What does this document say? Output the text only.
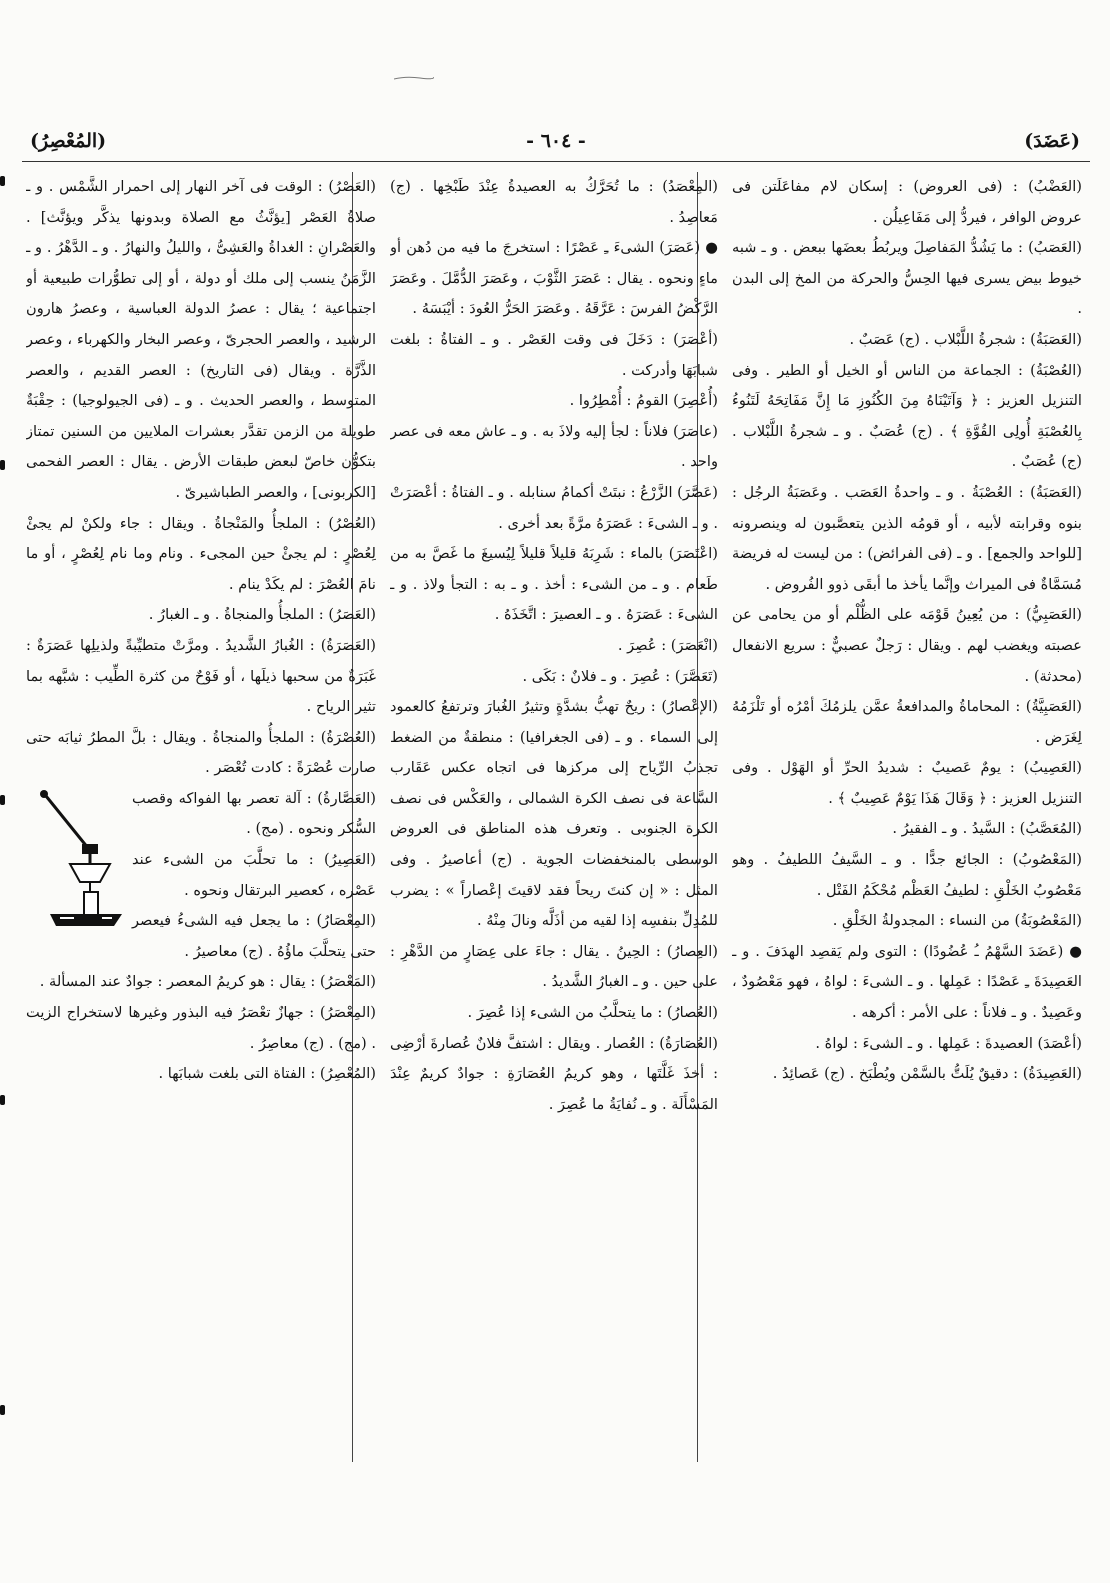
(عَضَدَ)
- ٦٠٤ -
(المُعْصِرُ)

(العَضْبُ) : (فى العروض) : إسكان لام مفاعَلَتن فى عروض الوافر ، فيردُّ إلى مَفَاعِيلُن .

(العَصَبُ) : ما يَشُدُّ المَفاصِلَ ويربُطُ بعضَها ببعض . و ـ شبه خيوط بيض يسرى فيها الحِسُّ والحركة من المخ إلى البدن .

(العَصَبَةُ) : شجرةُ اللَّبْلاب . (ج) عَصَبٌ .

(العُصْبَةُ) : الجماعة من الناس أو الخيل أو الطير . وفى التنزيل العزيز : ﴿ وَآتَيْنَاهُ مِنَ الكُنُوزِ مَا إِنَّ مَفَاتِحَهُ لَتَنُوءُ بِالعُصْبَةِ أُولِى القُوَّةِ ﴾ . (ج) عُصَبٌ . و ـ شجرةُ اللَّبْلاب . (ج) عُصَبٌ .

(العَصَبَةُ) : العُصْبَةُ . و ـ واحدةُ العَصَب . وعَصَبَةُ الرجُل : بنوه وقرابته لأبيه ، أو قومُه الذين يتعصَّبون له وينصرونه [للواحد والجمع] . و ـ (فى الفرائض) : من ليست له فريضة مُسَمَّاةٌ فى الميراث وإنَّما يأخذ ما أبقَى ذوو الفُروض .

(العَصَبِيُّ) : من يُعِينُ قَوْمَه على الظُّلْم أو من يحامى عن عصبته ويغضب لهم . ويقال : رَجلٌ عصبيٌّ : سريع الانفعال (محدثة) .

(العَصَبِيَّةُ) : المحاماةُ والمدافعةُ عمَّن يلزمُكَ أمْرُه أو تَلْزَمُهُ لِغَرَض .

(العَصِيبُ) : يومٌ عَصيبٌ : شديدُ الحرِّ أو الهَوْل . وفى التنزيل العزيز : ﴿ وَقَالَ هَذَا يَوْمٌ عَصِيبٌ ﴾ .

(المُعَصَّبُ) : السَّيدُ . و ـ الفقيرُ .

(المَعْصُوبُ) : الجائع جدًّا . و ـ السَّيفُ اللطيفُ . وهو مَعْصُوبُ الخَلْقِ : لطيفُ العَظْم مُحْكَمُ الفَتْل .

(المَعْصُوبَةُ) من النساء : المجدولةُ الخَلْقِ .

● (عَضَدَ السَّهْمُ ـُ عُضُودًا) : التوى ولم يَقصِد الهدَفَ . و ـ العَصِيدَةَ ـِ عَصْدًا : عَمِلها . و ـ الشىءَ : لواهُ ، فهو مَعْصُودٌ ، وعَصِيدٌ . و ـ فلاناً : على الأمر : أكرهه .

(أعْصَدَ) العصيدةَ : عَمِلها . و ـ الشىءَ : لواهُ .

(العَصِيدَةُ) : دقيقٌ يُلَتُّ بالسَّمْن ويُطْبَخ . (ج) عَصائِدُ .

(المِعْصَدُ) : ما تُحَرَّكُ به العصيدةُ عِنْدَ طَبْخِها . (ج) مَعاصِدُ .

● (عَصَرَ) الشىءَ ـِ عَصْرًا : استخرجَ ما فيه من دُهن أو ماءٍ ونحوه . يقال : عَصَرَ الثَّوْبَ ، وعَصَرَ الدُّمَّلَ . وعَصَرَ الرَّكْضُ الفرسَ : عَرَّقَهُ . وعَصَرَ الحَرُّ العُودَ : أيْبَسَهُ .

(أعْصَرَ) : دَخَلَ فى وقت العَصْر . و ـ الفتاةُ : بلغت شبابَهَا وأدركت .

(أُعْصِرَ) القومُ : أُمْطِرُوا .

(عاصَرَ) فلاناً : لجأ إليه ولاذَ به . و ـ عاش معه فى عصر واحد .

(عَصَّرَ) الزَّرْعُ : نبتَتْ أكمامُ سنابله . و ـ الفتاةُ : أعْصَرَتْ . و ـ الشىءَ : عَصَرَهُ مرَّةً بعد أخرى .

(اعْتَصَرَ) بالماء : شَرِبَهُ قليلاً قليلاً لِيُسيغَ ما غَصَّ به من طَعام . و ـ من الشىء : أخذ . و ـ به : التجأ ولاذ . و ـ الشىءَ : عَصَرَهُ . و ـ العصيرَ : اتَّخَذَهُ .

(انْعَصَرَ) : عُصِرَ .

(تَعَصَّرَ) : عُصِرَ . و ـ فلانٌ : بَكَى .

(الإعْصارُ) : ريحٌ تهبُّ بشدَّةٍ وتثيرُ الغُبارَ وترتفعُ كالعمود إلى السماء . و ـ (فى الجغرافيا) : منطقةٌ من الضغط تجذبُ الرِّياح إلى مركزها فى اتجاه عكس عَقَارب السَّاعة فى نصف الكرة الشمالى ، والعَكْس فى نصف الكرة الجنوبى . وتعرف هذه المناطق فى العروض الوسطى بالمنخفضات الجوية . (ج) أعاصيرُ . وفى المثل : « إن كنتَ ريحاً فقد لاقيتَ إعْصاراً » : يضرب للمُدِلِّ بنفسِه إذا لقيه من أذَلَّه ونالَ مِنْهُ .

(العِصارُ) : الحِينُ . يقال : جاءَ على عِصَارٍ من الدَّهْرِ : على حين . و ـ الغبارُ الشَّديدُ .

(العُصارُ) : ما يتحلَّبُ من الشىء إذا عُصِرَ .

(العُصَارَةُ) : العُصار . ويقال : اشتفَّ فلانٌ عُصارةَ أرْضِى : أخذَ غَلَّتَها ، وهو كريمُ العُصَارَةِ : جوادٌ كريمٌ عِنْدَ المَسْأَلَة . و ـ نُفايَةُ ما عُصِرَ .

(العَصْرُ) : الوقت فى آخر النهار إلى احمرار الشَّمْس . و ـ صلاةُ العَصْر [يؤنَّثُ مع الصلاة وبدونها يذكَّر ويؤنَّث] . والعَصْرانِ : الغداةُ والعَشِىُّ ، والليلُ والنهارُ . و ـ الدَّهْرُ . و ـ الزَّمَنُ ينسب إلى ملك أو دولة ، أو إلى تطوُّرات طبيعية أو اجتماعية ؛ يقال : عصرُ الدولة العباسية ، وعصرُ هارون الرشيد ، والعصر الحجرىّ ، وعصر البخار والكهرباء ، وعصر الذَّرَّة . ويقال (فى التاريخ) : العصر القديم ، والعصر المتوسط ، والعصر الحديث . و ـ (فى الجيولوجيا) : حِقْبَةٌ طويلة من الزمن تقدَّر بعشرات الملايين من السنين تمتاز بتكوُّن خاصّ لبعض طبقات الأرض . يقال : العصر الفحمى [الكربونى] ، والعصر الطباشيرىّ .

(العُصْرُ) : الملجأُ والمَنْجاةُ . ويقال : جاء ولكنْ لم يجئْ لِعُصْرٍ : لم يجئْ حين المجىء . ونام وما نام لِعُصْرٍ ، أو ما نامَ العُصْرَ : لم يكَدْ ينام .

(العَصَرُ) : الملجأُ والمنجاةُ . و ـ الغبارُ .

(العَصَرَةُ) : الغُبارُ الشَّديدُ . ومرَّتْ متطيِّبةً ولذيلِها عَصَرَةٌ : غَبَرَةٌ من سحبها ذيلَها ، أو فَوْحٌ من كثرة الطِّيب : شبَّهه بما تثير الرياح .

(العُصْرَةُ) : الملجأُ والمنجاةُ . ويقال : بلَّ المطرُ ثيابَه حتى صارت عُصْرَةً : كادت تُعْصَر .

(العَصَّارةُ) : آلة تعصر بها الفواكه وقصب السُّكر ونحوه . (مج) .

(العَصِيرُ) : ما تحلَّبَ من الشىء عند عَصْره ، كعصير البرتقال ونحوه .

(المِعْصَارُ) : ما يجعل فيه الشىءُ فيعصر حتى يتحلَّبَ ماؤُهُ . (ج) معاصيرُ .

(المَعْصَرُ) : يقال : هو كريمُ المعصر : جوادٌ عند المسألة .

(المِعْصَرُ) : جهازٌ تعْصَرُ فيه البذور وغيرها لاستخراج الزيت . (مج) . (ج) معاصِرُ .

(المُعْصِرُ) : الفتاة التى بلغت شبابَها .
